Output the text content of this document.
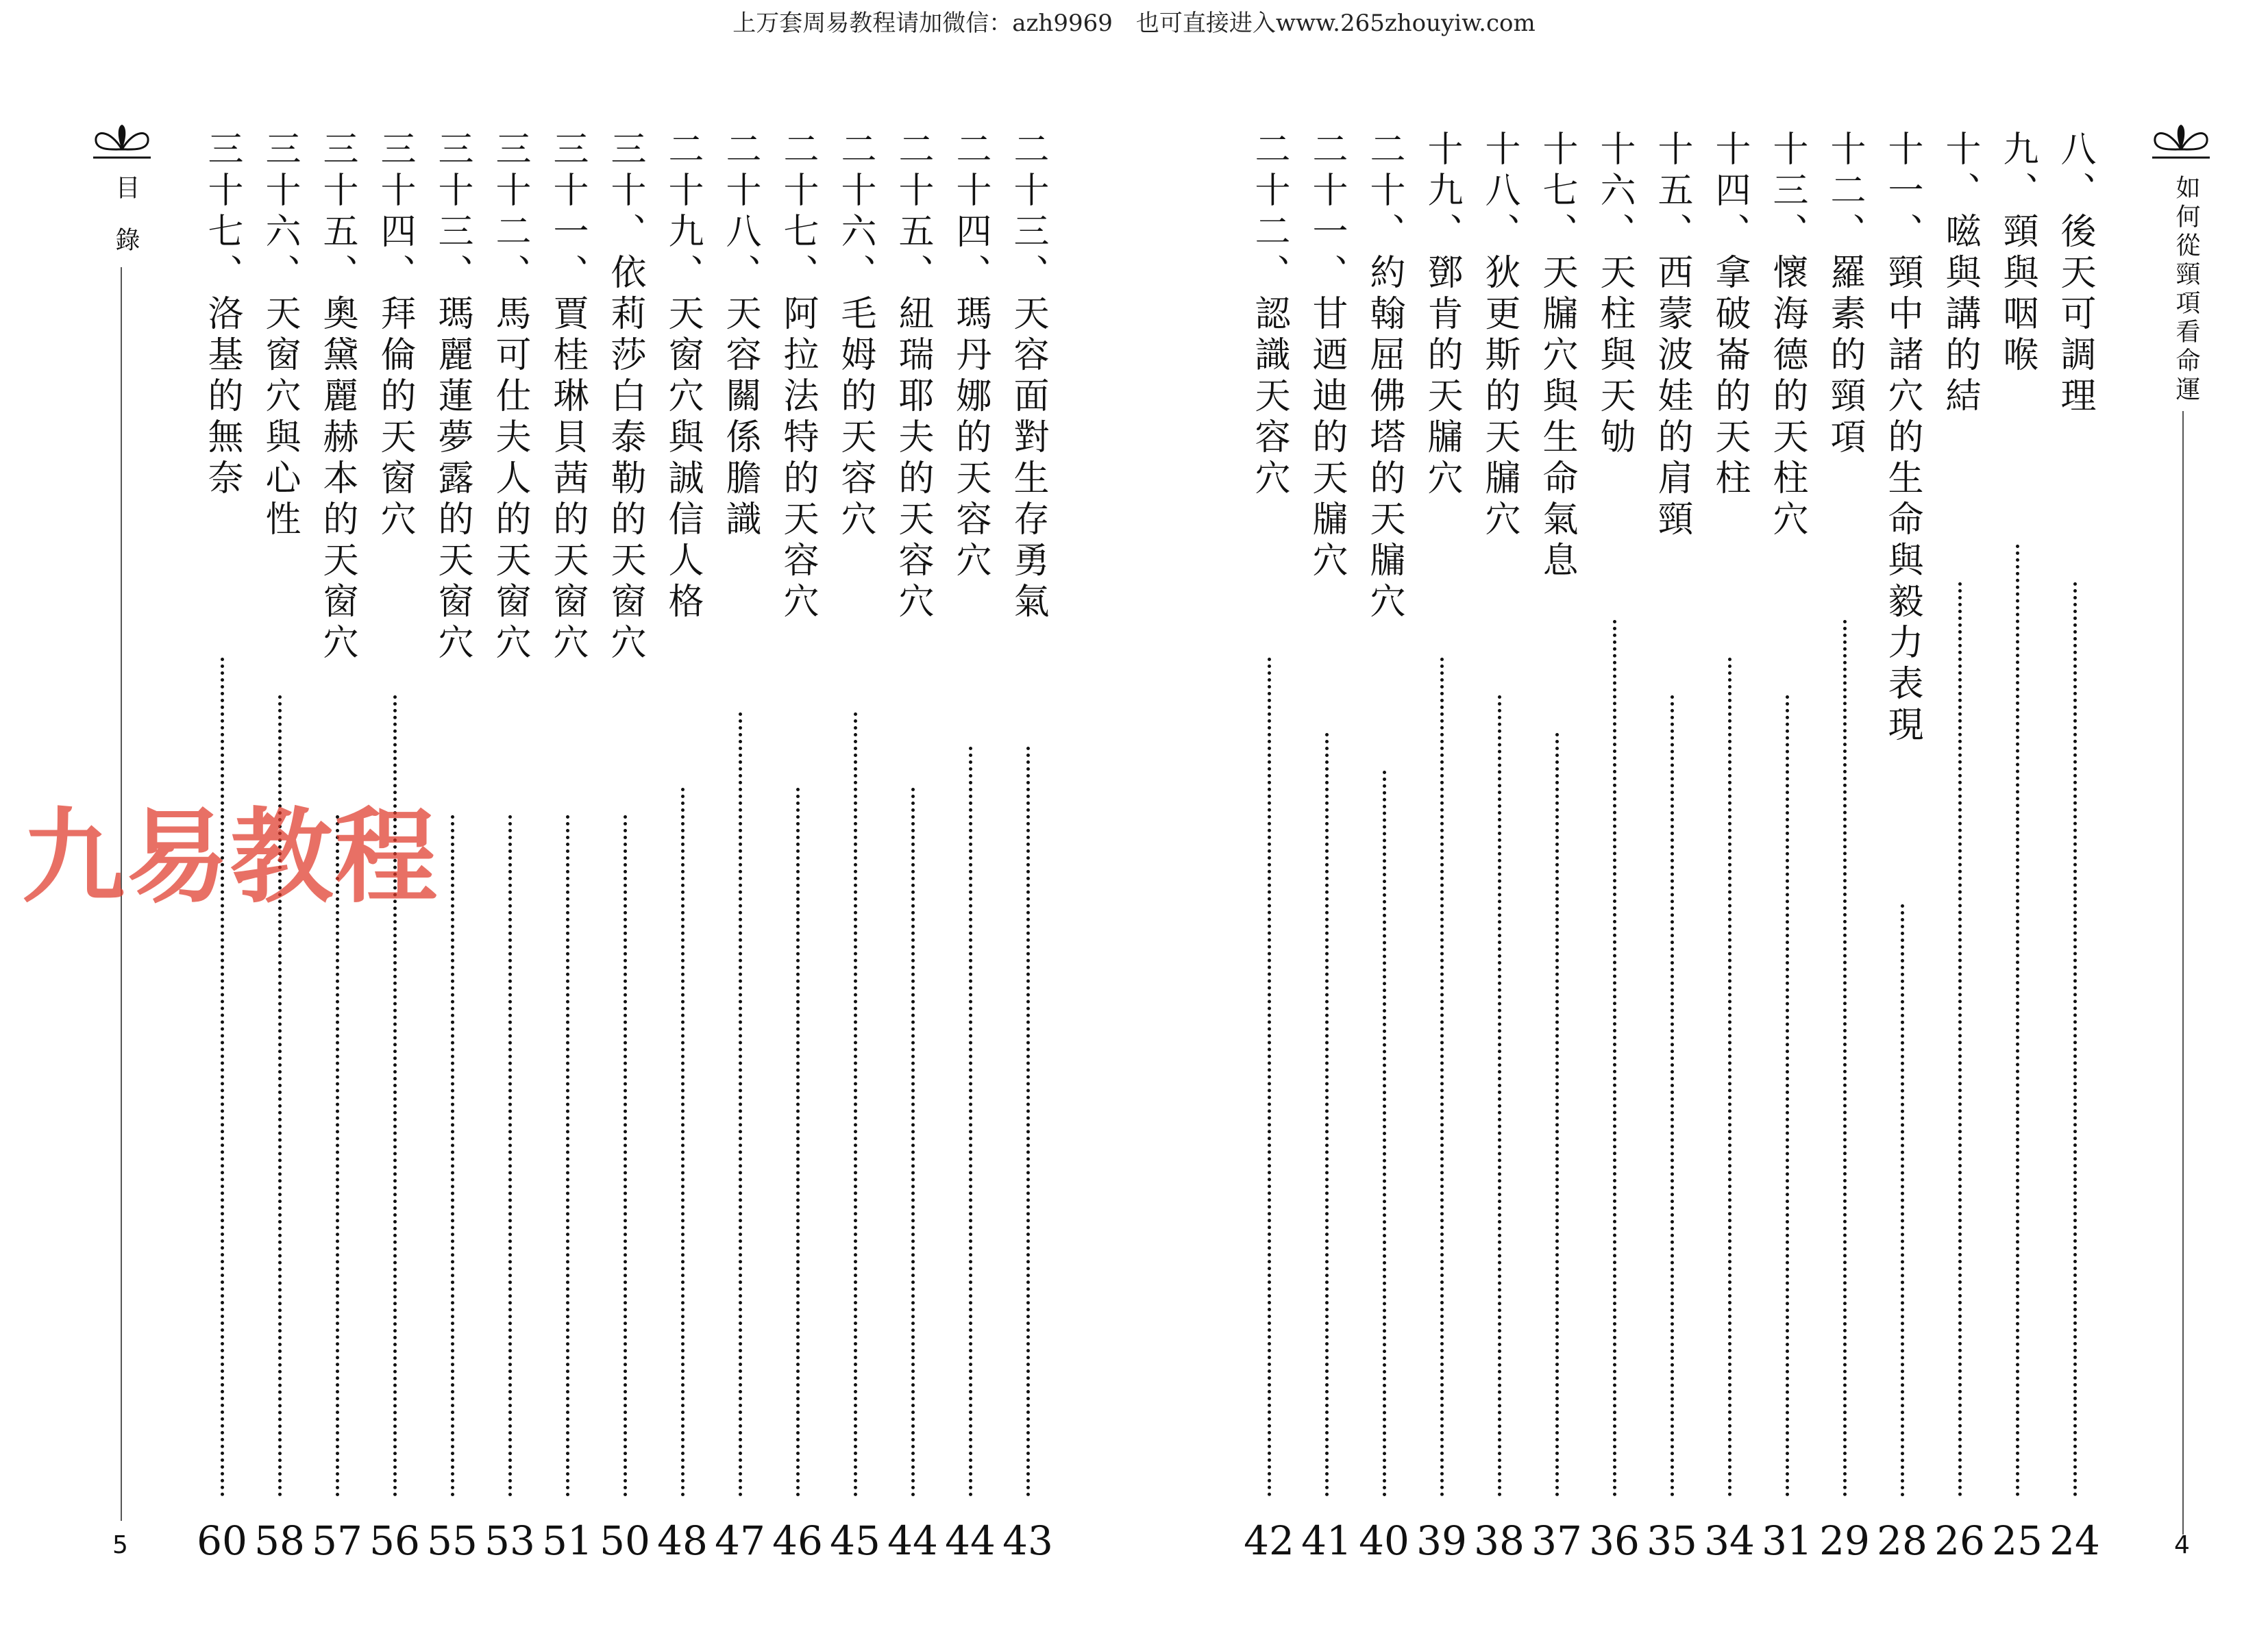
上万套周易教程请加微信：azh9969　也可直接进入www.265zhouyiw.com
目錄
5
三十七、洛基的無奈
60
三十六、天窗穴與心性
58
三十五、奧黛麗赫本的天窗穴
57
三十四、拜倫的天窗穴
56
三十三、瑪麗蓮夢露的天窗穴
55
三十二、馬可仕夫人的天窗穴
53
三十一、賈桂琳貝茜的天窗穴
51
三十、依莉莎白泰勒的天窗穴
50
二十九、天窗穴與誠信人格
48
二十八、天容關係膽識
47
二十七、阿拉法特的天容穴
46
二十六、毛姆的天容穴
45
二十五、紐瑞耶夫的天容穴
44
二十四、瑪丹娜的天容穴
44
二十三、天容面對生存勇氣
43
如何從頸項看命運
4
二十二、認識天容穴
42
二十一、甘迺迪的天牖穴
41
二十、約翰屈佛塔的天牖穴
40
十九、鄧肯的天牖穴
39
十八、狄更斯的天牖穴
38
十七、天牖穴與生命氣息
37
十六、天柱與天劬
36
十五、西蒙波娃的肩頸
35
十四、拿破崙的天柱
34
十三、懷海德的天柱穴
31
十二、羅素的頸項
29
十一、頸中諸穴的生命與毅力表現
28
十、嗞與講的結
26
九、頸與咽喉
25
八、後天可調理
24
九易教程
